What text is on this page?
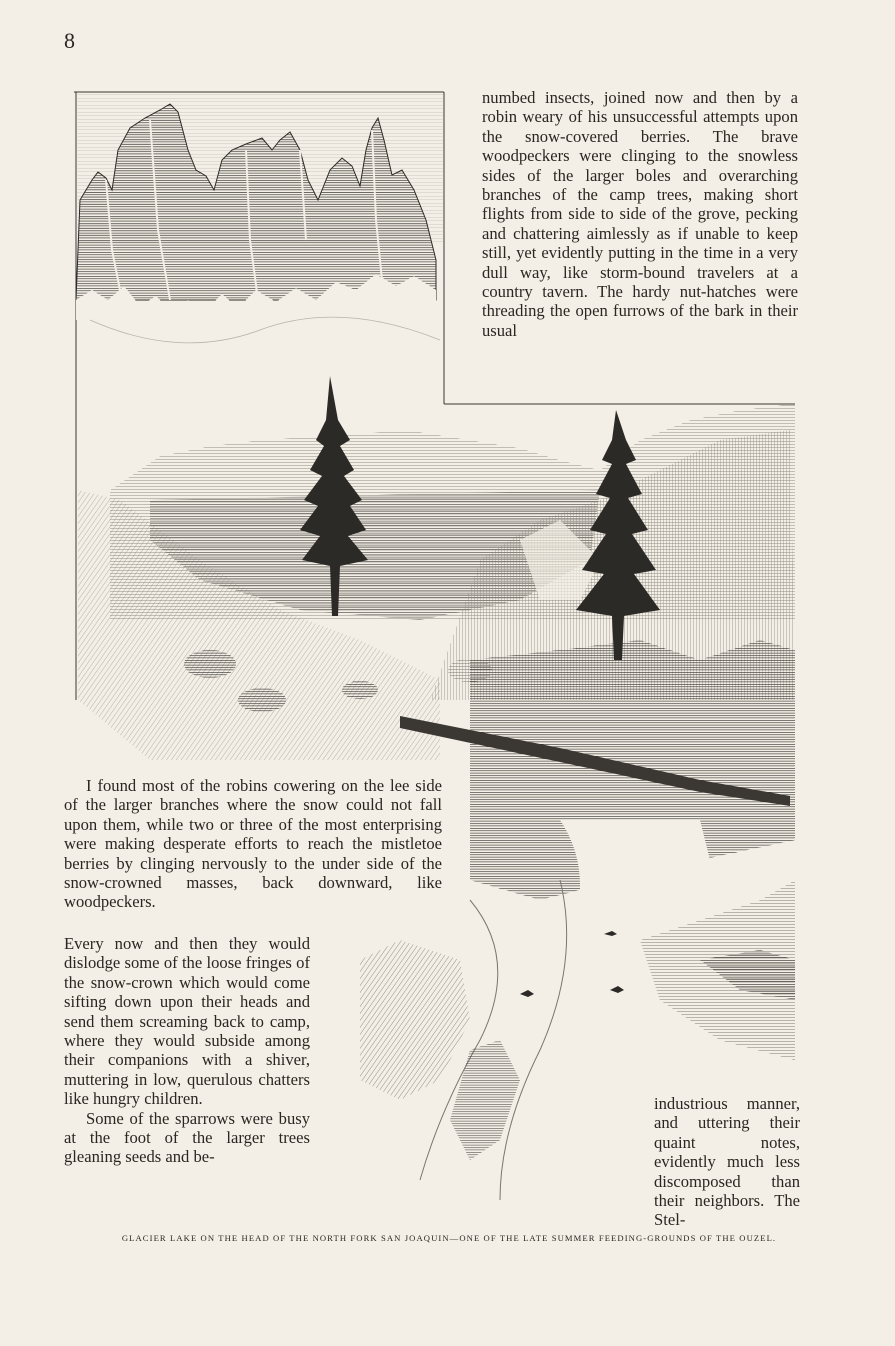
8

numbed insects, joined now and then by a robin weary of his unsuccessful attempts upon the snow-covered berries. The brave woodpeckers were clinging to the snowless sides of the larger boles and overarching branches of the camp trees, making short flights from side to side of the grove, pecking and chattering aimlessly as if unable to keep still, yet evidently putting in the time in a very dull way, like storm-bound travelers at a country tavern. The hardy nut-hatches were threading the open furrows of the bark in their usual

I found most of the robins cowering on the lee side of the larger branches where the snow could not fall upon them, while two or three of the most enterprising were making desperate efforts to reach the mistletoe berries by clinging nervously to the under side of the snow-crowned masses, back downward, like woodpeckers.

Every now and then they would dislodge some of the loose fringes of the snow-crown which would come sifting down upon their heads and send them screaming back to camp, where they would subside among their companions with a shiver, muttering in low, querulous chatters like hungry children.

Some of the sparrows were busy at the foot of the larger trees gleaning seeds and be-

industrious manner, and uttering their quaint notes, evidently much less discomposed than their neighbors. The Stel-

GLACIER LAKE ON THE HEAD OF THE NORTH FORK SAN JOAQUIN—ONE OF THE LATE SUMMER FEEDING-GROUNDS OF THE OUZEL.
